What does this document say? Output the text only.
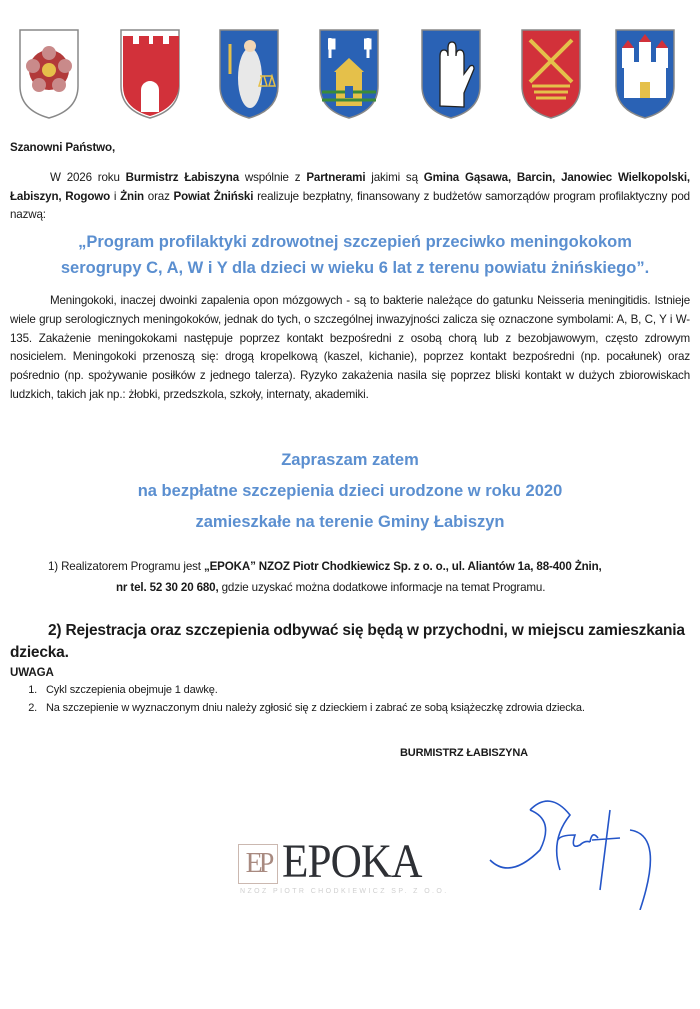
Szanowni Państwo,
W 2026 roku Burmistrz Łabiszyna wspólnie z Partnerami jakimi są Gmina Gąsawa, Barcin, Janowiec Wielkopolski, Łabiszyn, Rogowo i Żnin oraz Powiat Żniński realizuje bezpłatny, finansowany z budżetów samorządów program profilaktyczny pod nazwą:
„Program profilaktyki zdrowotnej szczepień przeciwko meningokokom serogrupy C, A, W i Y dla dzieci w wieku 6 lat z terenu powiatu żnińskiego”.
Meningokoki, inaczej dwoinki zapalenia opon mózgowych - są to bakterie należące do gatunku Neisseria meningitidis. Istnieje wiele grup serologicznych meningokoków, jednak do tych, o szczególnej inwazyjności zalicza się oznaczone symbolami: A, B, C, Y i W-135. Zakażenie meningokokami następuje poprzez kontakt bezpośredni z osobą chorą lub z bezobjawowym, często zdrowym nosicielem. Meningokoki przenoszą się: drogą kropelkową (kaszel, kichanie), poprzez kontakt bezpośredni (np. pocałunek) oraz pośrednio (np. spożywanie posiłków z jednego talerza). Ryzyko zakażenia nasila się poprzez bliski kontakt w dużych zbiorowiskach ludzkich, takich jak np.: żłobki, przedszkola, szkoły, internaty, akademiki.
Zapraszam zatem
na bezpłatne szczepienia dzieci urodzone w roku 2020
zamieszkałe na terenie Gminy Łabiszyn
1) Realizatorem Programu jest „EPOKA” NZOZ Piotr Chodkiewicz Sp. z o. o., ul. Aliantów 1a, 88-400 Żnin,
nr tel. 52 30 20 680, gdzie uzyskać można dodatkowe informacje na temat Programu.
2) Rejestracja oraz szczepienia odbywać się będą w przychodni, w miejscu zamieszkania dziecka.
UWAGA
1. Cykl szczepienia obejmuje 1 dawkę.
2. Na szczepienie w wyznaczonym dniu należy zgłosić się z dzieckiem i zabrać ze sobą książeczkę zdrowia dziecka.
BURMISTRZ ŁABISZYNA
EP EPOKA
NZOZ PIOTR CHODKIEWICZ SP. Z O.O.
